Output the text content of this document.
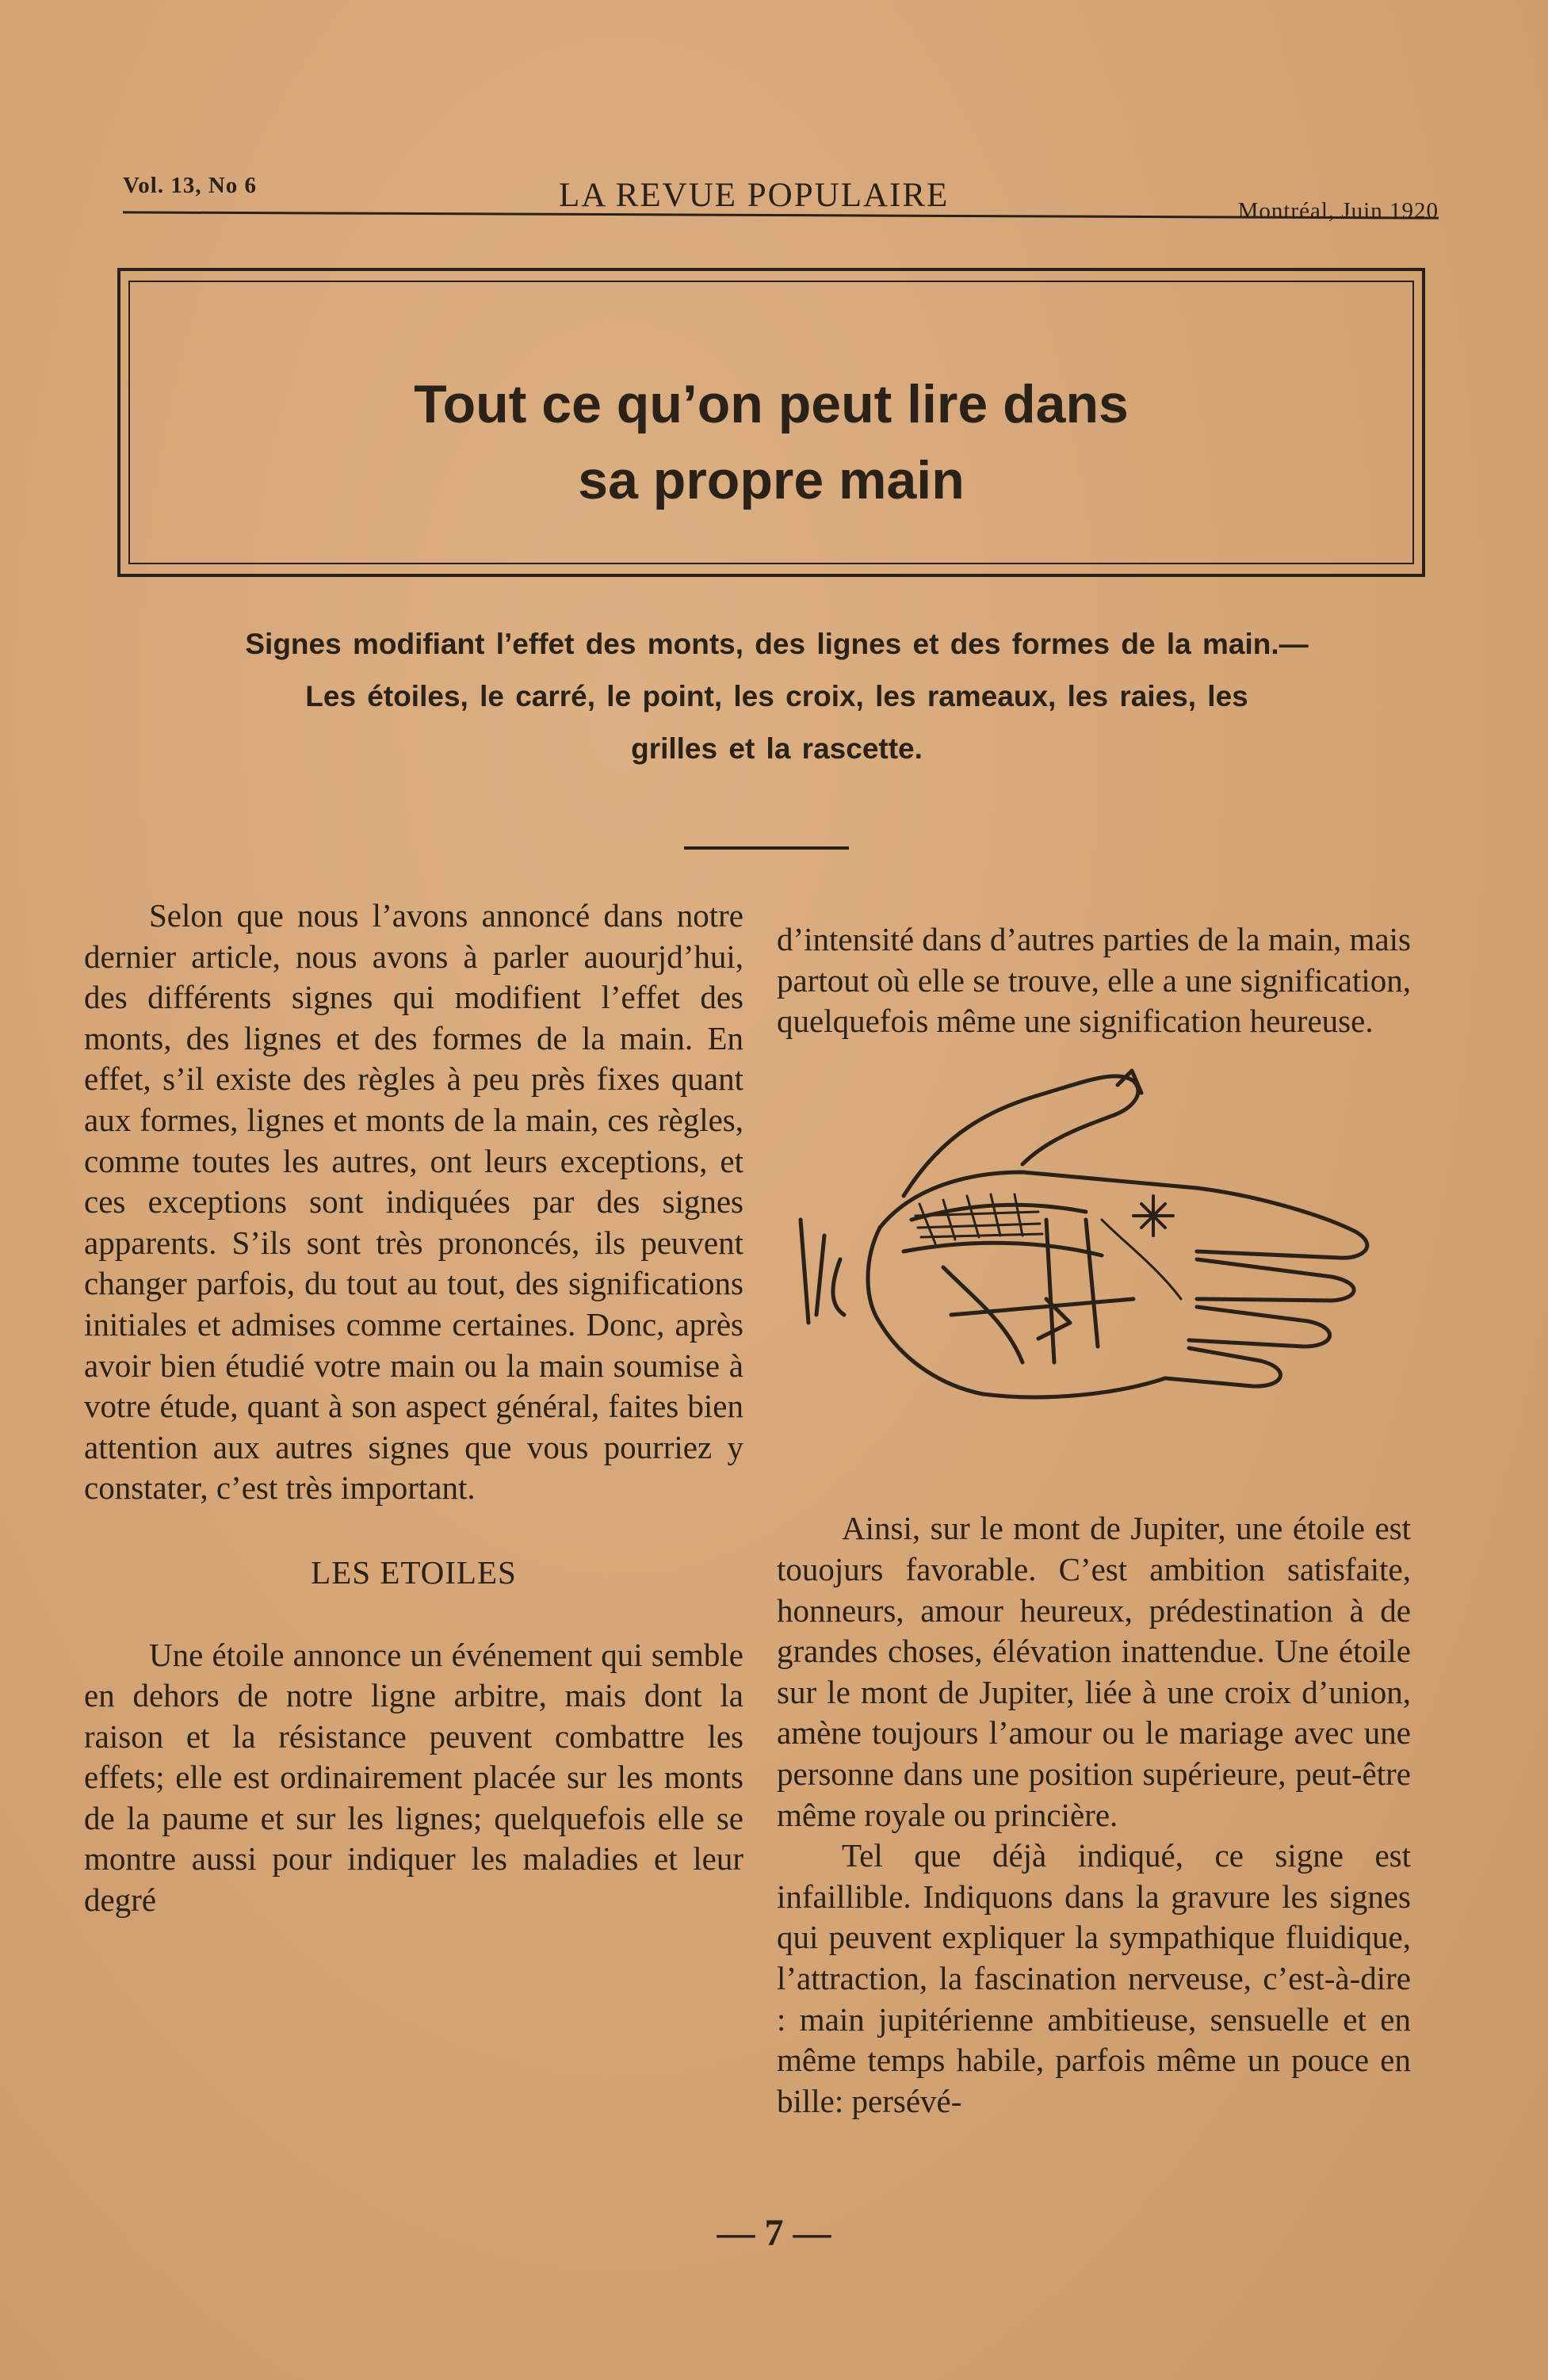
Vol. 13, No 6	LA REVUE POPULAIRE	Montréal, Juin 1920
Tout ce qu’on peut lire dans
sa propre main
Signes modifiant l’effet des monts, des lignes et des formes de la main.—
Les étoiles, le carré, le point, les croix, les rameaux, les raies, les
grilles et la rascette.

Selon que nous l’avons annoncé dans notre dernier article, nous avons à parler auourjd’hui, des différents signes qui modifient l’effet des monts, des lignes et des formes de la main. En effet, s’il existe des règles à peu près fixes quant aux formes, lignes et monts de la main, ces règles, comme toutes les autres, ont leurs exceptions, et ces exceptions sont indiquées par des signes apparents. S’ils sont très prononcés, ils peuvent changer parfois, du tout au tout, des significations initiales et admises comme certaines. Donc, après avoir bien étudié votre main ou la main soumise à votre étude, quant à son aspect général, faites bien attention aux autres signes que vous pourriez y constater, c’est très important.

LES ETOILES

Une étoile annonce un événement qui semble en dehors de notre ligne arbitre, mais dont la raison et la résistance peuvent combattre les effets; elle est ordinairement placée sur les monts de la paume et sur les lignes; quelquefois elle se montre aussi pour indiquer les maladies et leur degré

d’intensité dans d’autres parties de la main, mais partout où elle se trouve, elle a une signification, quelquefois même une signification heureuse.

Ainsi, sur le mont de Jupiter, une étoile est touojurs favorable. C’est ambition satisfaite, honneurs, amour heureux, prédestination à de grandes choses, élévation inattendue. Une étoile sur le mont de Jupiter, liée à une croix d’union, amène toujours l’amour ou le mariage avec une personne dans une position supérieure, peut-être même royale ou princière.

Tel que déjà indiqué, ce signe est infaillible. Indiquons dans la gravure les signes qui peuvent expliquer la sympathique fluidique, l’attraction, la fascination nerveuse, c’est-à-dire : main jupitérienne ambitieuse, sensuelle et en même temps habile, parfois même un pouce en bille: persévé-

— 7 —
